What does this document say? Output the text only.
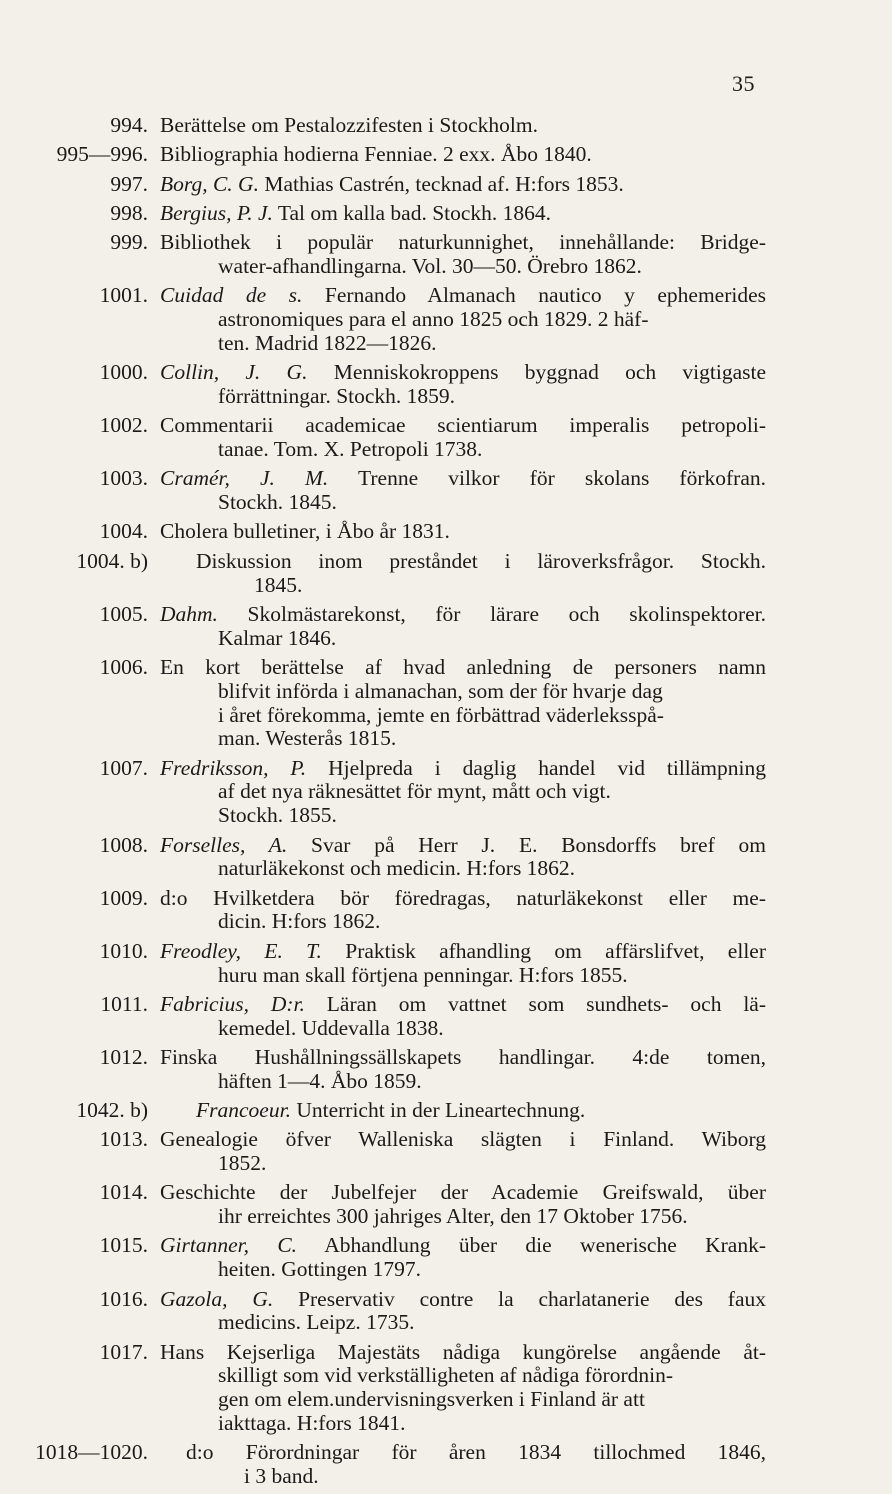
35
994. Berättelse om Pestalozzifesten i Stockholm.
995—996. Bibliographia hodierna Fenniae. 2 exx. Åbo 1840.
997. Borg, C. G. Mathias Castrén, tecknad af. H:fors 1853.
998. Bergius, P. J. Tal om kalla bad. Stockh. 1864.
999. Bibliothek i populär naturkunnighet, innehållande: Bridge-
water-afhandlingarna. Vol. 30—50. Örebro 1862.
1001. Cuidad de s. Fernando Almanach nautico y ephemerides
astronomiques para el anno 1825 och 1829. 2 häf-
ten. Madrid 1822—1826.
1000. Collin, J. G. Menniskokroppens byggnad och vigtigaste
förrättningar. Stockh. 1859.
1002. Commentarii academicae scientiarum imperalis petropoli-
tanae. Tom. X. Petropoli 1738.
1003. Cramér, J. M. Trenne vilkor för skolans förkofran.
Stockh. 1845.
1004. Cholera bulletiner, i Åbo år 1831.
1004. b) Diskussion inom preståndet i läroverksfrågor. Stockh.
1845.
1005. Dahm. Skolmästarekonst, för lärare och skolinspektorer.
Kalmar 1846.
1006. En kort berättelse af hvad anledning de personers namn
blifvit införda i almanachan, som der för hvarje dag
i året förekomma, jemte en förbättrad väderleksspå-
man. Westerås 1815.
1007. Fredriksson, P. Hjelpreda i daglig handel vid tillämpning
af det nya räknesättet för mynt, mått och vigt.
Stockh. 1855.
1008. Forselles, A. Svar på Herr J. E. Bonsdorffs bref om
naturläkekonst och medicin. H:fors 1862.
1009. d:o Hvilketdera bör föredragas, naturläkekonst eller me-
dicin. H:fors 1862.
1010. Freodley, E. T. Praktisk afhandling om affärslifvet, eller
huru man skall förtjena penningar. H:fors 1855.
1011. Fabricius, D:r. Läran om vattnet som sundhets- och lä-
kemedel. Uddevalla 1838.
1012. Finska Hushållningssällskapets handlingar. 4:de tomen,
häften 1—4. Åbo 1859.
1042. b) Francoeur. Unterricht in der Lineartechnung.
1013. Genealogie öfver Walleniska slägten i Finland. Wiborg
1852.
1014. Geschichte der Jubelfejer der Academie Greifswald, über
ihr erreichtes 300 jahriges Alter, den 17 Oktober 1756.
1015. Girtanner, C. Abhandlung über die wenerische Krank-
heiten. Gottingen 1797.
1016. Gazola, G. Preservativ contre la charlatanerie des faux
medicins. Leipz. 1735.
1017. Hans Kejserliga Majestäts nådiga kungörelse angående åt-
skilligt som vid verkställigheten af nådiga förordnin-
gen om elem.undervisningsverken i Finland är att
iakttaga. H:fors 1841.
1018—1020. d:o Förordningar för åren 1834 tillochmed 1846,
i 3 band.
